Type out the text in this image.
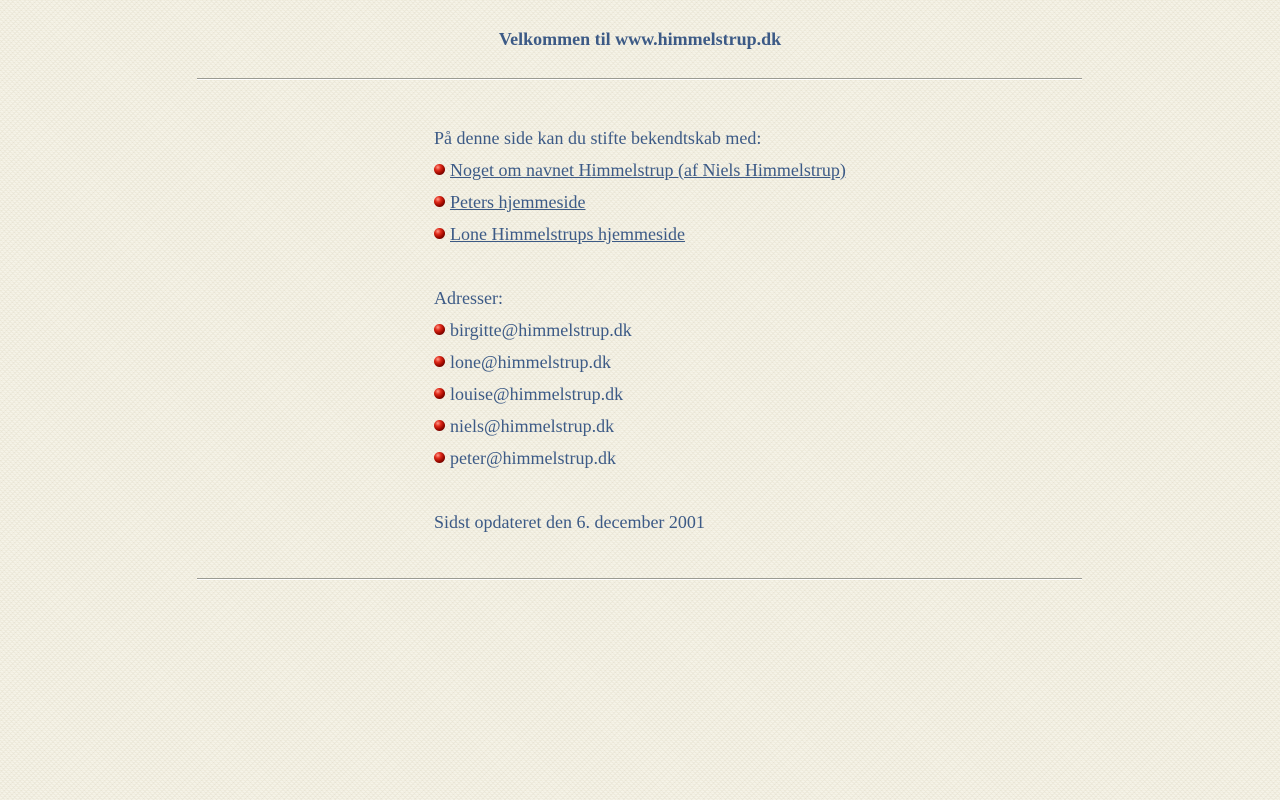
Velkommen til www.himmelstrup.dk
På denne side kan du stifte bekendtskab med:
Noget om navnet Himmelstrup (af Niels Himmelstrup)
Peters hjemmeside
Lone Himmelstrups hjemmeside
Adresser:
birgitte@himmelstrup.dk
lone@himmelstrup.dk
louise@himmelstrup.dk
niels@himmelstrup.dk
peter@himmelstrup.dk
Sidst opdateret den 6. december 2001
